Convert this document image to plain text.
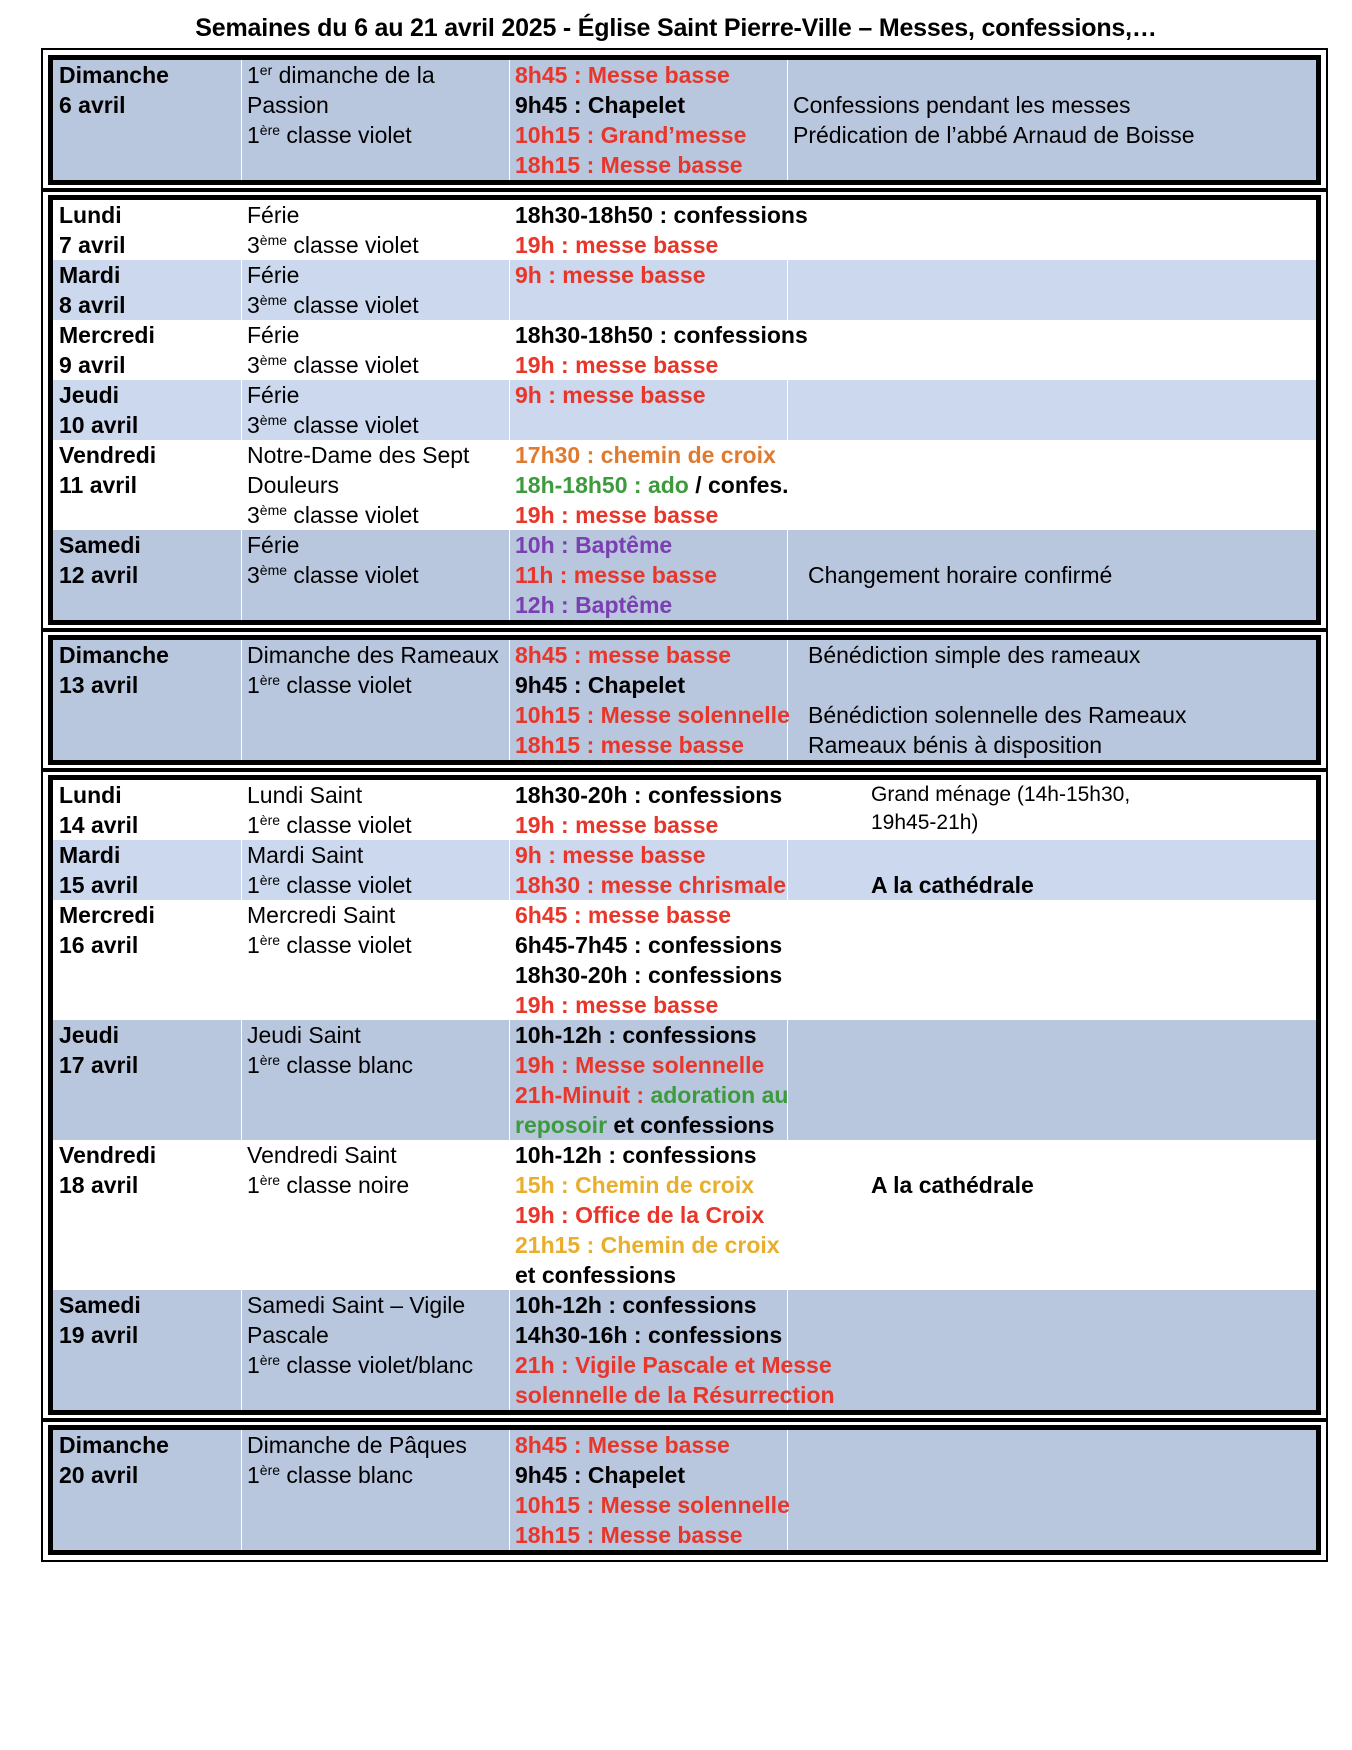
Semaines du 6 au 21 avril 2025 - Église Saint Pierre-Ville – Messes, confessions,…
Dimanche
6 avril
1er dimanche de la
Passion
1ère classe violet
8h45 : Messe basse
9h45 : Chapelet
10h15 : Grand’messe
18h15 : Messe basse
Confessions pendant les messes
Prédication de l’abbé Arnaud de Boisse
Lundi
7 avril
Férie
3ème classe violet
18h30-18h50 : confessions
19h : messe basse
Mardi
8 avril
Férie
3ème classe violet
9h : messe basse
Mercredi
9 avril
Férie
3ème classe violet
18h30-18h50 : confessions
19h : messe basse
Jeudi
10 avril
Férie
3ème classe violet
9h : messe basse
Vendredi
11 avril
Notre-Dame des Sept
Douleurs
3ème classe violet
17h30 : chemin de croix
18h-18h50 : ado / confes.
19h : messe basse
Samedi
12 avril
Férie
3ème classe violet
10h : Baptême
11h : messe basse
12h : Baptême
Changement horaire confirmé
Dimanche
13 avril
Dimanche des Rameaux
1ère classe violet
8h45 : messe basse
9h45 : Chapelet
10h15 : Messe solennelle
18h15 : messe basse
Bénédiction simple des rameaux
Bénédiction solennelle des Rameaux
Rameaux bénis à disposition
Lundi
14 avril
Lundi Saint
1ère classe violet
18h30-20h : confessions
19h : messe basse
Grand ménage (14h-15h30,
19h45-21h)
Mardi
15 avril
Mardi Saint
1ère classe violet
9h : messe basse
18h30 : messe chrismale	A la cathédrale
Mercredi
16 avril
Mercredi Saint
1ère classe violet
6h45 : messe basse
6h45-7h45 : confessions
18h30-20h : confessions
19h : messe basse
Jeudi
17 avril
Jeudi Saint
1ère classe blanc
10h-12h : confessions
19h : Messe solennelle
21h-Minuit : adoration au
reposoir et confessions
Vendredi
18 avril
Vendredi Saint
1ère classe noire
10h-12h : confessions
15h : Chemin de croix
19h : Office de la Croix
21h15 : Chemin de croix
et confessions
A la cathédrale
Samedi
19 avril
Samedi Saint – Vigile
Pascale
1ère classe violet/blanc
10h-12h : confessions
14h30-16h : confessions
21h : Vigile Pascale et Messe
solennelle de la Résurrection
Dimanche
20 avril
Dimanche de Pâques
1ère classe blanc
8h45 : Messe basse
9h45 : Chapelet
10h15 : Messe solennelle
18h15 : Messe basse
